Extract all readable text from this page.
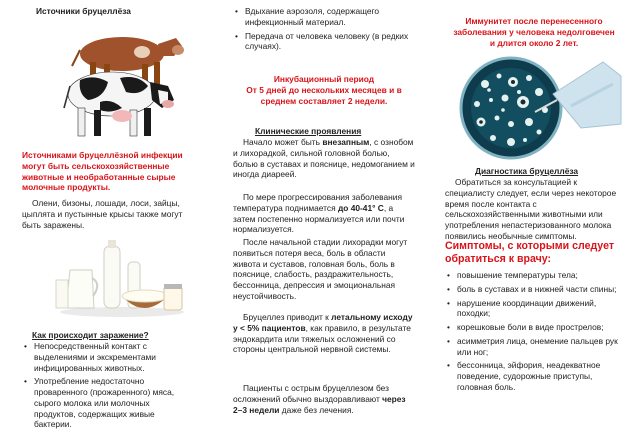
Источники бруцеллёза
Источниками бруцеллёзной инфекции могут быть сельскохозяйственные животные и необработанные сырые молочные продукты.
Олени, бизоны, лошади, лоси, зайцы, цыплята и пустынные крысы также могут быть заражены.
Как происходит заражение?

• Непосредственный контакт с выделениями и экскрементами инфицированных животных.

• Употребление недостаточно проваренного (прожаренного) мяса, сырого молока или молочных продуктов, содержащих живые бактерии.

• Вдыхание аэрозоля, содержащего инфекционный материал.

• Передача от человека человеку (в редких случаях).

Инкубационный период
От 5 дней до нескольких месяцев и в среднем составляет 2 недели.
Клинические проявления
Начало может быть внезапным, с ознобом и лихорадкой, сильной головной болью, болью в суставах и пояснице, недомоганием и иногда диареей.
По мере прогрессирования заболевания температура поднимается до 40-41° С, а затем постепенно нормализуется или почти нормализуется.
После начальной стадии лихорадки могут появиться потеря веса, боль в области живота и суставов, головная боль, боль в пояснице, слабость, раздражительность, бессонница, депрессия и эмоциональная неустойчивость.
Бруцеллез приводит к летальному исходу у < 5% пациентов, как правило, в результате эндокардита или тяжелых осложнений со стороны центральной нервной системы.
Пациенты с острым бруцеллезом без осложнений обычно выздоравливают через 2–3 недели даже без лечения.
Иммунитет после перенесенного заболевания у человека недолговечен и длится около 2 лет.
Диагностика бруцеллёза
Обратиться за консультацией к специалисту следует, если через некоторое время после контакта с сельскохозяйственными животными или употребления непастеризованного молока появились необычные симптомы.
Симптомы, с которыми следует обратиться к врачу:

• повышение температуры тела;

• боль в суставах и в нижней части спины;

• нарушение координации движений, походки;

• корешковые боли в виде прострелов;

• асимметрия лица, онемение пальцев рук или ног;

• бессонница, эйфория, неадекватное поведение, судорожные приступы, головная боль.
